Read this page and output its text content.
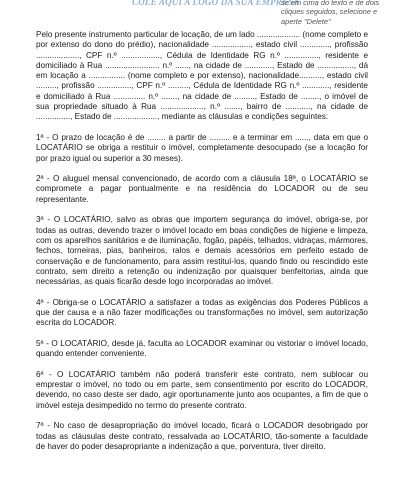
COLE AQUI A LOGO DA SUA EMPRESA
se em cima do texto e de dois cliques seguidos, selecione e aperte "Delete"

Pelo presente instrumento particular de locação, de um lado ................... (nome completo e por extenso do dono do prédio), nacionalidade ................., estado civil ............., profissão ..................., CPF n.º ................., Cédula de Identidade RG n.º ..............., residente e domiciliado à Rua ........................ n.º ......, na cidade de ............, Estado de ................, dá em locação a ................ (nome completo e por extenso), nacionalidade.........., estado civil ........., profissão ..............., CPF n.º ........., Cédula de Identidade RG n.º ............, residente e domiciliado à Rua .............. n.º ......., na cidade de ........., Estado de ........, o imóvel de sua propriedade situado à Rua ..................., n.º ......., bairro de ..........., na cidade de ..............., Estado de ..................., mediante as cláusulas e condições seguintes:

1ª - O prazo de locação é de ........ a partir de ......... e a terminar em ......, data em que o LOCATÁRIO se obriga a restituir o imóvel, completamente desocupado (se a locação for por prazo igual ou superior a 30 meses).

2ª - O aluguel mensal convencionado, de acordo com a cláusula 18ª, o LOCATÁRIO se compromete a pagar pontualmente e na residência do LOCADOR ou de seu representante.

3ª - O LOCATÁRIO, salvo as obras que importem segurança do imóvel, obriga-se, por todas as outras, devendo trazer o imóvel locado em boas condições de higiene e limpeza, com os aparelhos sanitários e de iluminação, fogão, papéis, telhados, vidraças, mármores, fechos, torneiras, pias, banheiros, ralos e demais acessórios em perfeito estado de conservação e de funcionamento, para assim restituí-los, quando findo ou rescindido este contrato, sem direito a retenção ou indenização por quaisquer benfeitorias, ainda que necessárias, as quais ficarão desde logo incorporadas ao imóvel.

4ª - Obriga-se o LOCATÁRIO a satisfazer a todas as exigências dos Poderes Públicos a que der causa e a não fazer modificações ou transformações no imóvel, sem autorização escrita do LOCADOR.

5ª - O LOCATÁRIO, desde já, faculta ao LOCADOR examinar ou vistoriar o imóvel locado, quando entender conveniente.

6ª - O LOCATÁRIO também não poderá transferir este contrato, nem sublocar ou emprestar o imóvel, no todo ou em parte, sem consentimento por escrito do LOCADOR, devendo, no caso deste ser dado, agir oportunamente junto aos ocupantes, a fim de que o imóvel esteja desimpedido no termo do presente contrato.

7ª - No caso de desapropriação do imóvel locado, ficará o LOCADOR desobrigado por todas as cláusulas deste contrato, ressalvada ao LOCATÁRIO, tão-somente a faculdade de haver do poder desapropriante a indenização a que, porventura, tiver direito.
